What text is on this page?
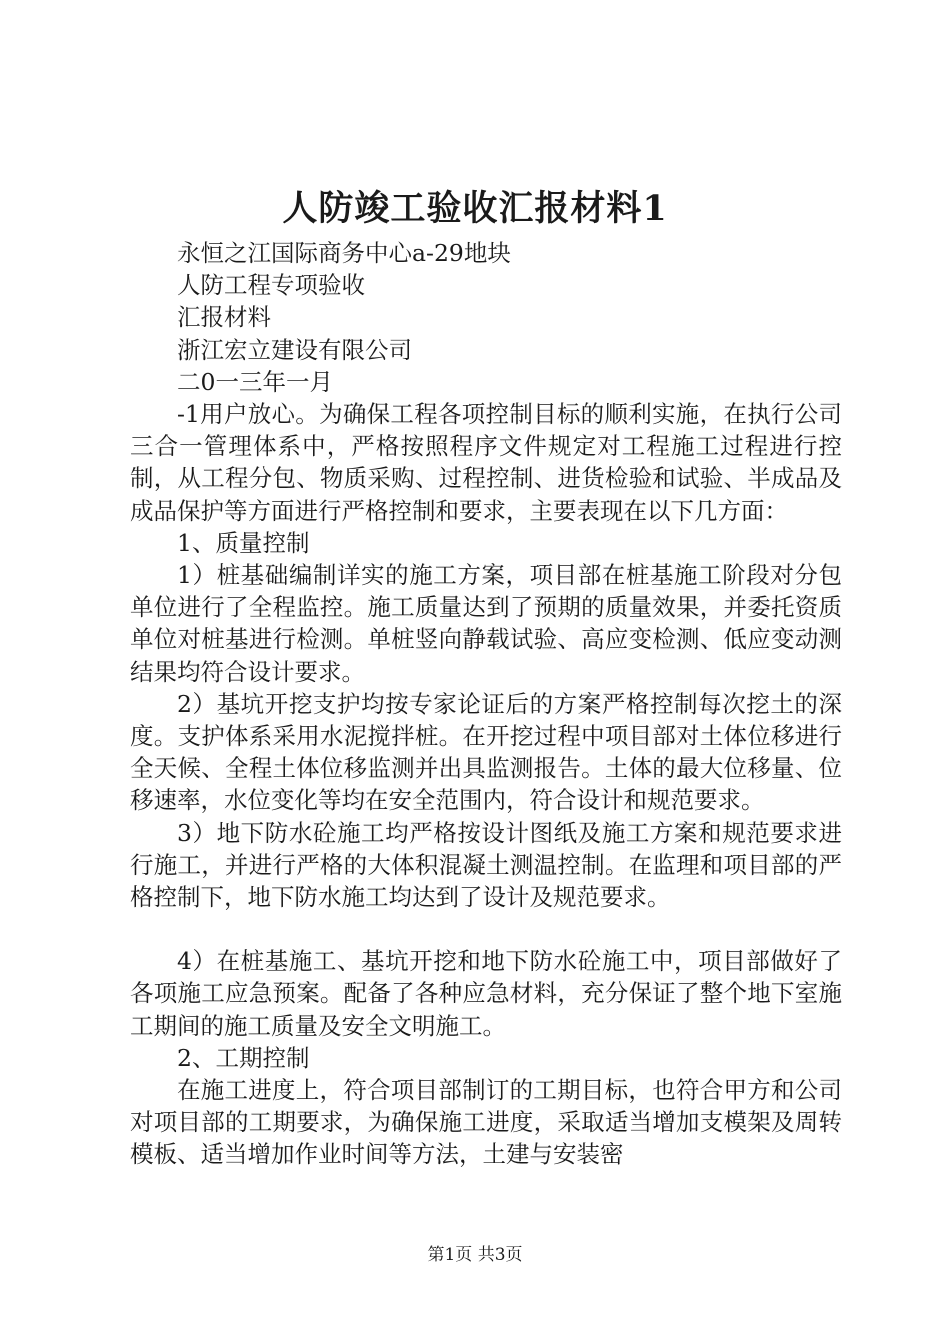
人防竣工验收汇报材料1

永恒之江国际商务中心a-29地块

人防工程专项验收

汇报材料

浙江宏立建设有限公司

二0一三年一月

-1用户放心。为确保工程各项控制目标的顺利实施，在执行公司三合一管理体系中，严格按照程序文件规定对工程施工过程进行控制，从工程分包、物质采购、过程控制、进货检验和试验、半成品及成品保护等方面进行严格控制和要求，主要表现在以下几方面：

1、质量控制

1）桩基础编制详实的施工方案，项目部在桩基施工阶段对分包单位进行了全程监控。施工质量达到了预期的质量效果，并委托资质单位对桩基进行检测。单桩竖向静载试验、高应变检测、低应变动测结果均符合设计要求。

2）基坑开挖支护均按专家论证后的方案严格控制每次挖土的深度。支护体系采用水泥搅拌桩。在开挖过程中项目部对土体位移进行全天候、全程土体位移监测并出具监测报告。土体的最大位移量、位移速率，水位变化等均在安全范围内，符合设计和规范要求。

3）地下防水砼施工均严格按设计图纸及施工方案和规范要求进行施工，并进行严格的大体积混凝土测温控制。在监理和项目部的严格控制下，地下防水施工均达到了设计及规范要求。

4）在桩基施工、基坑开挖和地下防水砼施工中，项目部做好了各项施工应急预案。配备了各种应急材料，充分保证了整个地下室施工期间的施工质量及安全文明施工。

2、工期控制

在施工进度上，符合项目部制订的工期目标，也符合甲方和公司对项目部的工期要求，为确保施工进度，采取适当增加支模架及周转模板、适当增加作业时间等方法，土建与安装密

第1页 共3页
